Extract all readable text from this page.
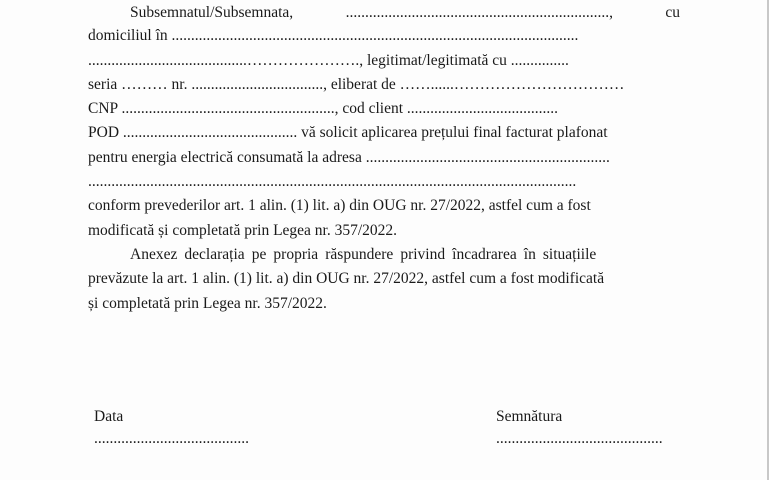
Subsemnatul/Subsemnata,	....................................................................,	cu
domiciliul în .........................................................................................................
.........................................…………………., legitimat/legitimată cu ...............
seria ……… nr. .................................., eliberat de ……......……………………………
CNP ......................................................., cod client .......................................
POD ............................................. vă solicit aplicarea prețului final facturat plafonat
pentru energia electrică consumată la adresa ...............................................................
..............................................................................................................................
conform prevederilor art. 1 alin. (1) lit. a) din OUG nr. 27/2022, astfel cum a fost
modificată și completată prin Legea nr. 357/2022.
Anexez declarația pe propria răspundere privind încadrarea în situațiile
prevăzute la art. 1 alin. (1) lit. a) din OUG nr. 27/2022, astfel cum a fost modificată
și completată prin Legea nr. 357/2022.
Data
........................................
Semnătura
...........................................
